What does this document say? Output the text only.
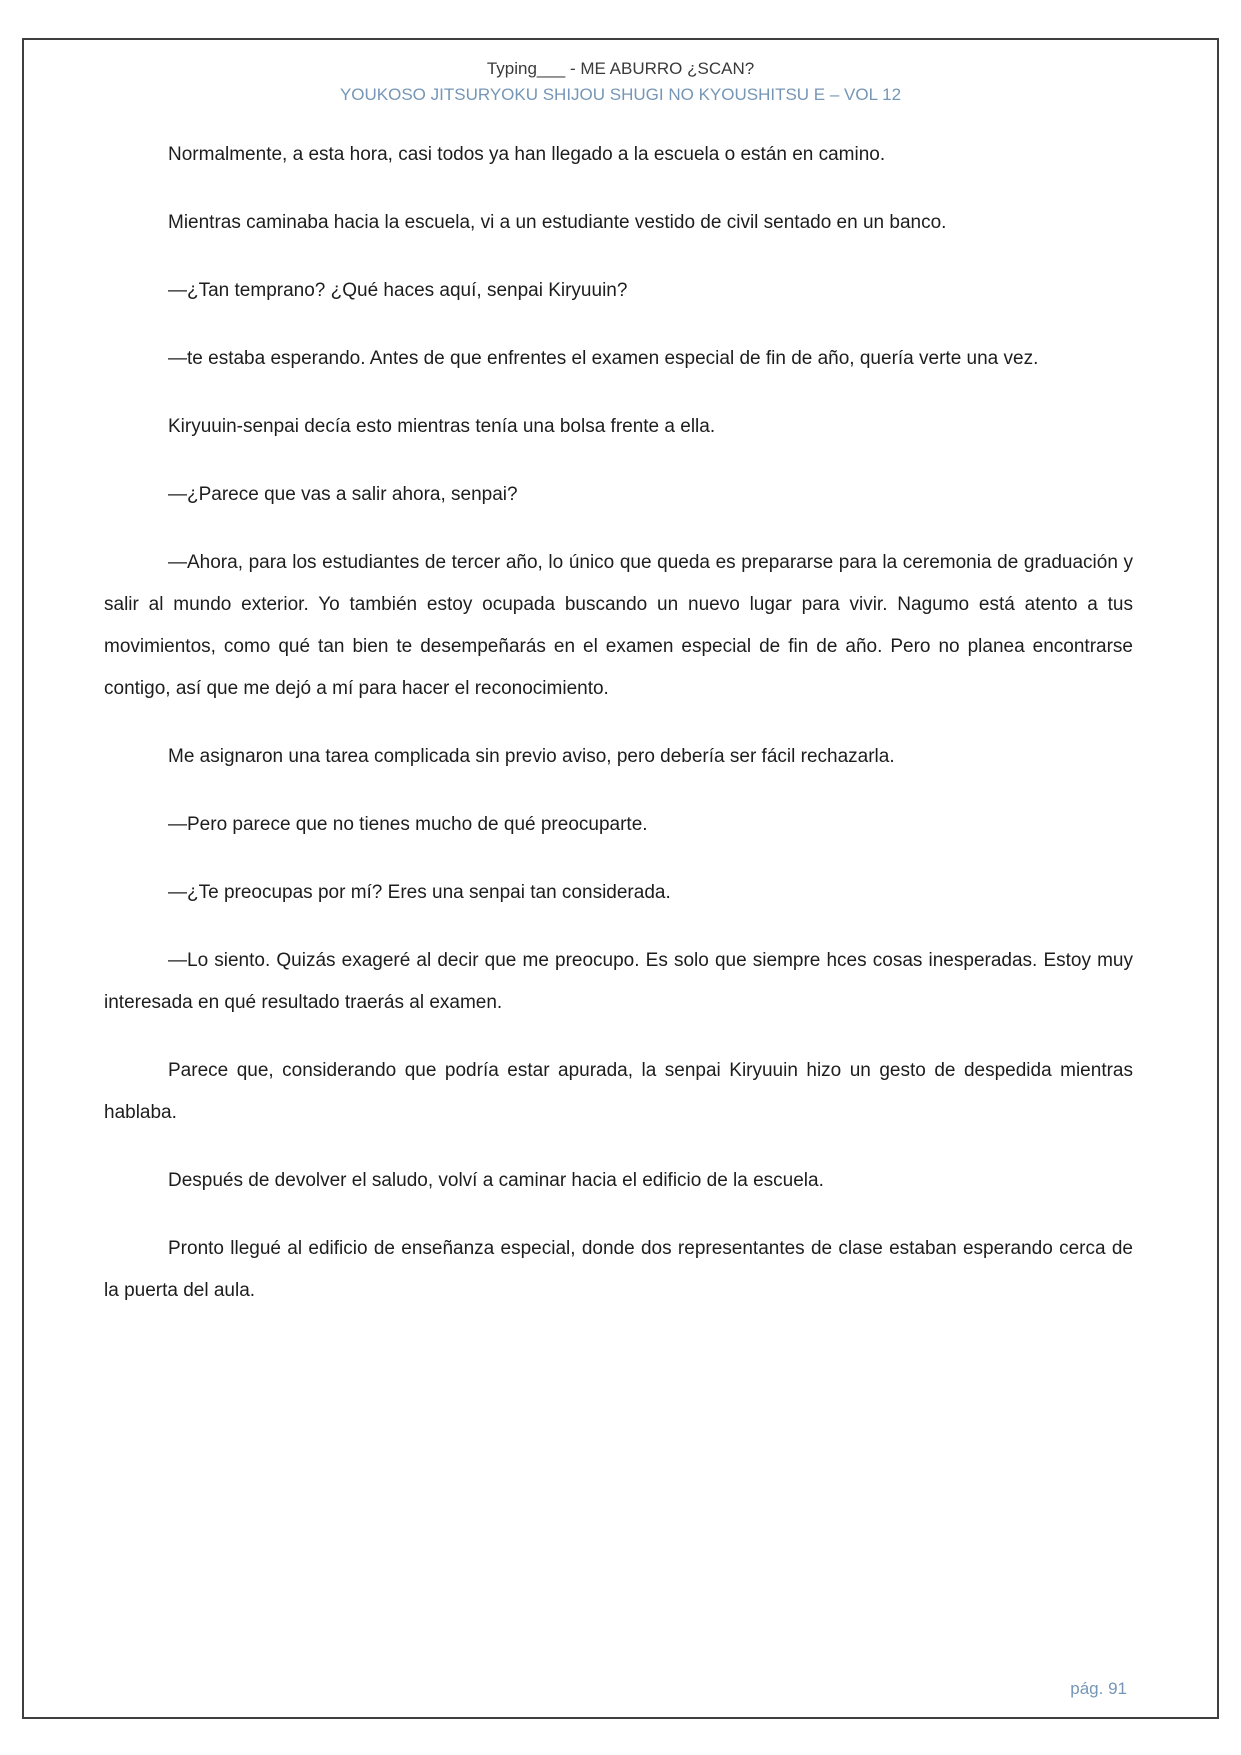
Typing___ - ME ABURRO ¿SCAN?
YOUKOSO JITSURYOKU SHIJOU SHUGI NO KYOUSHITSU E – VOL 12

Normalmente, a esta hora, casi todos ya han llegado a la escuela o están en camino.

Mientras caminaba hacia la escuela, vi a un estudiante vestido de civil sentado en un banco.

—¿Tan temprano? ¿Qué haces aquí, senpai Kiryuuin?

—te estaba esperando. Antes de que enfrentes el examen especial de fin de año, quería verte una vez.

Kiryuuin-senpai decía esto mientras tenía una bolsa frente a ella.

—¿Parece que vas a salir ahora, senpai?

—Ahora, para los estudiantes de tercer año, lo único que queda es prepararse para la ceremonia de graduación y salir al mundo exterior. Yo también estoy ocupada buscando un nuevo lugar para vivir. Nagumo está atento a tus movimientos, como qué tan bien te desempeñarás en el examen especial de fin de año. Pero no planea encontrarse contigo, así que me dejó a mí para hacer el reconocimiento.

Me asignaron una tarea complicada sin previo aviso, pero debería ser fácil rechazarla.

—Pero parece que no tienes mucho de qué preocuparte.

—¿Te preocupas por mí? Eres una senpai tan considerada.

—Lo siento. Quizás exageré al decir que me preocupo. Es solo que siempre hces cosas inesperadas. Estoy muy interesada en qué resultado traerás al examen.

Parece que, considerando que podría estar apurada, la senpai Kiryuuin hizo un gesto de despedida mientras hablaba.

Después de devolver el saludo, volví a caminar hacia el edificio de la escuela.

Pronto llegué al edificio de enseñanza especial, donde dos representantes de clase estaban esperando cerca de la puerta del aula.

pág. 91
